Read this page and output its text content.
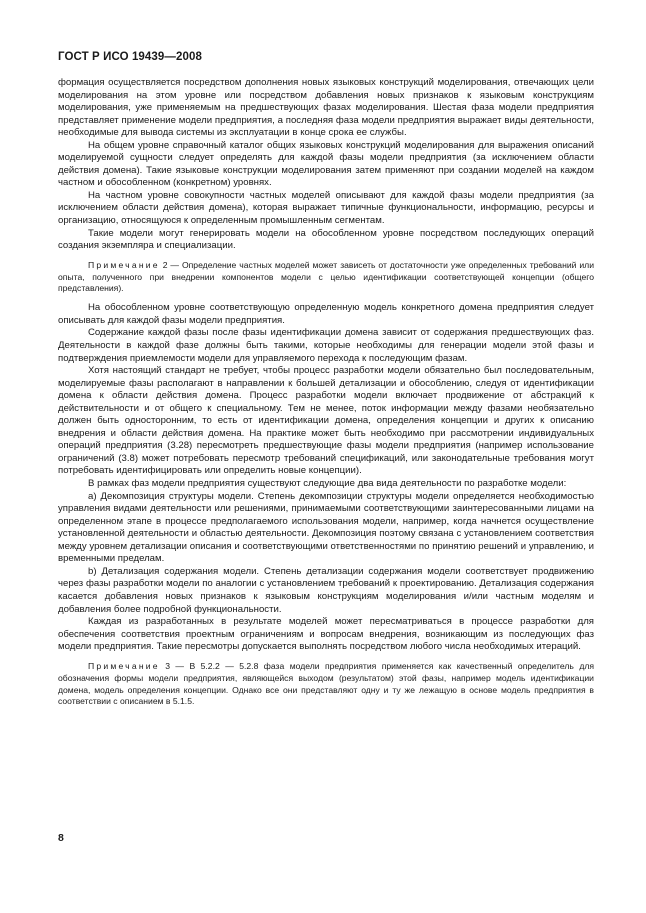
ГОСТ Р ИСО 19439—2008

формация осуществляется посредством дополнения новых языковых конструкций моделирования, отвечающих цели моделирования на этом уровне или посредством добавления новых признаков к языковым конструкциям моделирования, уже применяемым на предшествующих фазах моделирования. Шестая фаза модели предприятия представляет применение модели предприятия, а последняя фаза модели предприятия выражает виды деятельности, необходимые для вывода системы из эксплуатации в конце срока ее службы.

На общем уровне справочный каталог общих языковых конструкций моделирования для выражения описаний моделируемой сущности следует определять для каждой фазы модели предприятия (за исключением области действия домена). Такие языковые конструкции моделирования затем применяют при создании моделей на каждом частном и обособленном (конкретном) уровнях.

На частном уровне совокупности частных моделей описывают для каждой фазы модели предприятия (за исключением области действия домена), которая выражает типичные функциональности, информацию, ресурсы и организацию, относящуюся к определенным промышленным сегментам.

Такие модели могут генерировать модели на обособленном уровне посредством последующих операций создания экземпляра и специализации.

Примечание 2 — Определение частных моделей может зависеть от достаточности уже определенных требований или опыта, полученного при внедрении компонентов модели с целью идентификации соответствующей концепции (общего представления).

На обособленном уровне соответствующую определенную модель конкретного домена предприятия следует описывать для каждой фазы модели предприятия.

Содержание каждой фазы после фазы идентификации домена зависит от содержания предшествующих фаз. Деятельности в каждой фазе должны быть такими, которые необходимы для генерации модели этой фазы и подтверждения приемлемости модели для управляемого перехода к последующим фазам.

Хотя настоящий стандарт не требует, чтобы процесс разработки модели обязательно был последовательным, моделируемые фазы располагают в направлении к большей детализации и обособлению, следуя от идентификации домена к области действия домена. Процесс разработки модели включает продвижение от абстракций к действительности и от общего к специальному. Тем не менее, поток информации между фазами необязательно должен быть односторонним, то есть от идентификации домена, определения концепции и других к описанию внедрения и области действия домена. На практике может быть необходимо при рассмотрении индивидуальных операций предприятия (3.28) пересмотреть предшествующие фазы модели предприятия (например использование ограничений (3.8) может потребовать пересмотр требований спецификаций, или законодательные требования могут потребовать идентифицировать или определить новые концепции).

В рамках фаз модели предприятия существуют следующие два вида деятельности по разработке модели:

a) Декомпозиция структуры модели. Степень декомпозиции структуры модели определяется необходимостью управления видами деятельности или решениями, принимаемыми соответствующими заинтересованными лицами на определенном этапе в процессе предполагаемого использования модели, например, когда начнется осуществление установленной деятельности и областью деятельности. Декомпозиция поэтому связана с установлением соответствия между уровнем детализации описания и соответствующими ответственностями по принятию решений и управлению, и временными пределам.

b) Детализация содержания модели. Степень детализации содержания модели соответствует продвижению через фазы разработки модели по аналогии с установлением требований к проектированию. Детализация содержания касается добавления новых признаков к языковым конструкциям моделирования и/или частным моделям и добавления более подробной функциональности.

Каждая из разработанных в результате моделей может пересматриваться в процессе разработки для обеспечения соответствия проектным ограничениям и вопросам внедрения, возникающим из последующих фаз модели предприятия. Такие пересмотры допускается выполнять посредством любого числа необходимых итераций.

Примечание 3 — В 5.2.2 — 5.2.8 фаза модели предприятия применяется как качественный определитель для обозначения формы модели предприятия, являющейся выходом (результатом) этой фазы, например модель идентификации домена, модель определения концепции. Однако все они представляют одну и ту же лежащую в основе модель предприятия в соответствии с описанием в 5.1.5.

8
